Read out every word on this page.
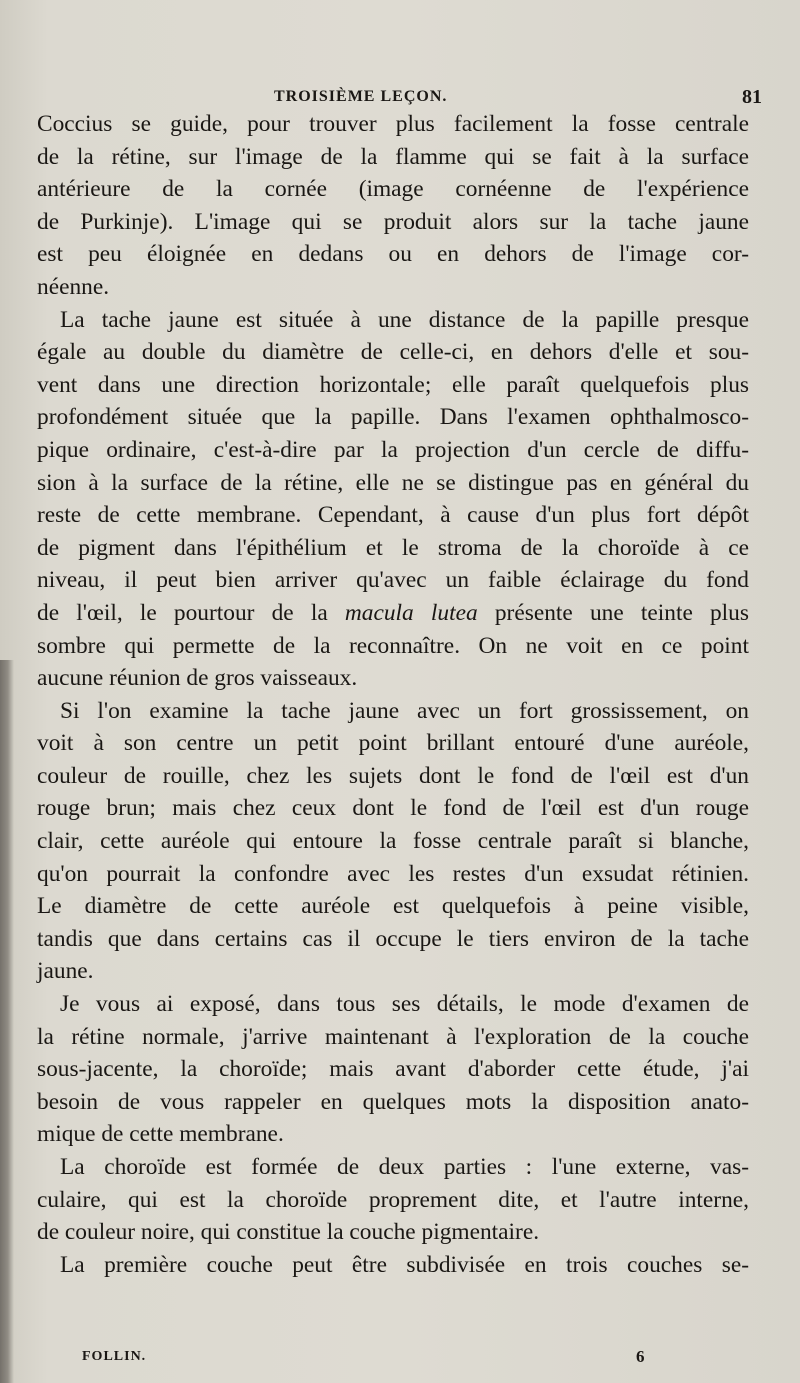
TROISIÈME LEÇON.	81
Coccius se guide, pour trouver plus facilement la fosse centrale
de la rétine, sur l'image de la flamme qui se fait à la surface
antérieure de la cornée (image cornéenne de l'expérience
de Purkinje). L'image qui se produit alors sur la tache jaune
est peu éloignée en dedans ou en dehors de l'image cor-
néenne.
La tache jaune est située à une distance de la papille presque
égale au double du diamètre de celle-ci, en dehors d'elle et sou-
vent dans une direction horizontale; elle paraît quelquefois plus
profondément située que la papille. Dans l'examen ophthalmosco-
pique ordinaire, c'est-à-dire par la projection d'un cercle de diffu-
sion à la surface de la rétine, elle ne se distingue pas en général du
reste de cette membrane. Cependant, à cause d'un plus fort dépôt
de pigment dans l'épithélium et le stroma de la choroïde à ce
niveau, il peut bien arriver qu'avec un faible éclairage du fond
de l'œil, le pourtour de la macula lutea présente une teinte plus
sombre qui permette de la reconnaître. On ne voit en ce point
aucune réunion de gros vaisseaux.
Si l'on examine la tache jaune avec un fort grossissement, on
voit à son centre un petit point brillant entouré d'une auréole,
couleur de rouille, chez les sujets dont le fond de l'œil est d'un
rouge brun; mais chez ceux dont le fond de l'œil est d'un rouge
clair, cette auréole qui entoure la fosse centrale paraît si blanche,
qu'on pourrait la confondre avec les restes d'un exsudat rétinien.
Le diamètre de cette auréole est quelquefois à peine visible,
tandis que dans certains cas il occupe le tiers environ de la tache
jaune.
Je vous ai exposé, dans tous ses détails, le mode d'examen de
la rétine normale, j'arrive maintenant à l'exploration de la couche
sous-jacente, la choroïde; mais avant d'aborder cette étude, j'ai
besoin de vous rappeler en quelques mots la disposition anato-
mique de cette membrane.
La choroïde est formée de deux parties : l'une externe, vas-
culaire, qui est la choroïde proprement dite, et l'autre interne,
de couleur noire, qui constitue la couche pigmentaire.
La première couche peut être subdivisée en trois couches se-
FOLLIN.	6
